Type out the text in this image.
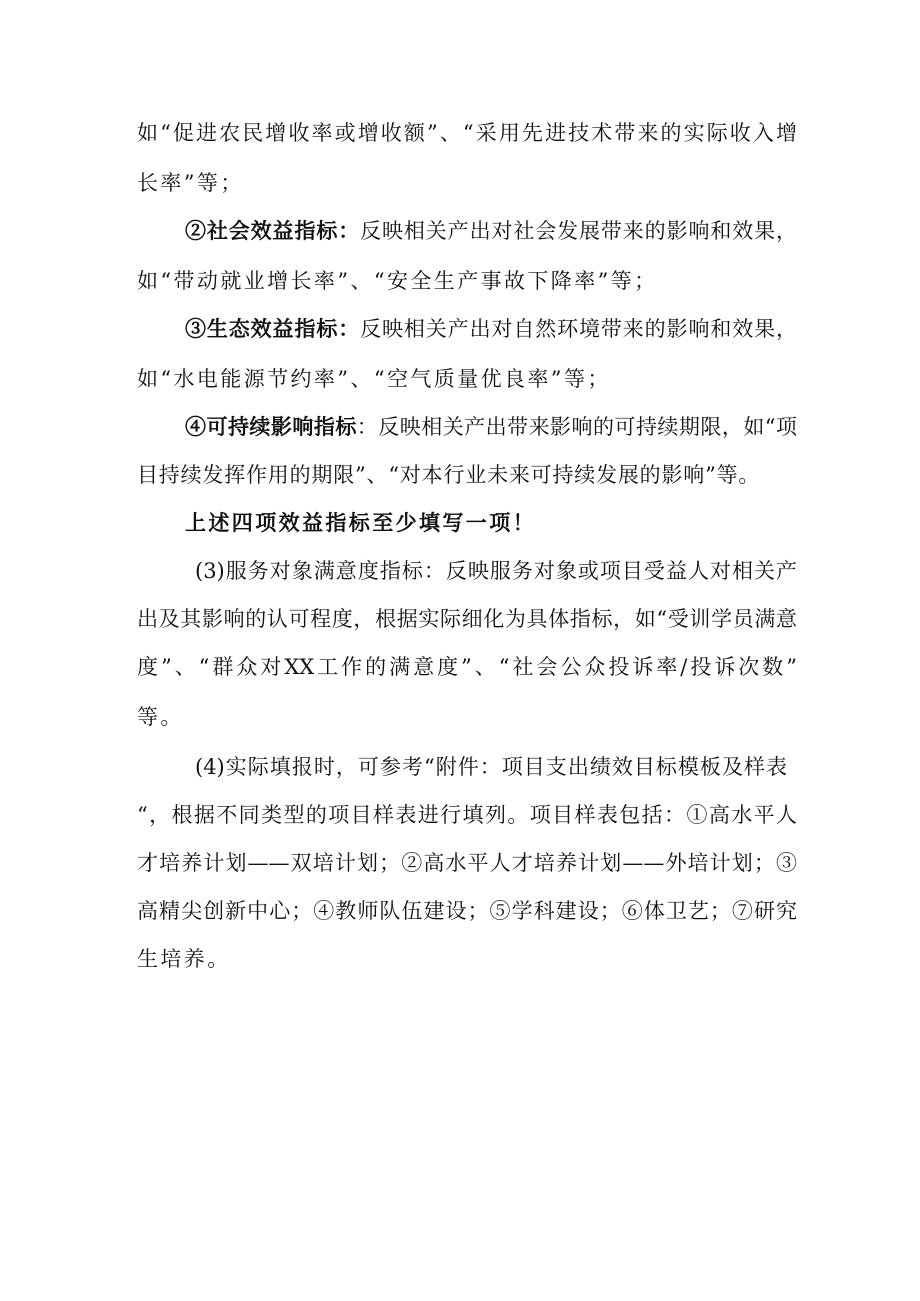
如“促进农民增收率或增收额”、“采用先进技术带来的实际收入增
长率”等；
②社会效益指标：反映相关产出对社会发展带来的影响和效果，
如“带动就业增长率”、“安全生产事故下降率”等；
③生态效益指标：反映相关产出对自然环境带来的影响和效果，
如“水电能源节约率”、“空气质量优良率”等；
④可持续影响指标：反映相关产出带来影响的可持续期限，如“项
目持续发挥作用的期限”、“对本行业未来可持续发展的影响”等。
上述四项效益指标至少填写一项！
(3)服务对象满意度指标：反映服务对象或项目受益人对相关产
出及其影响的认可程度，根据实际细化为具体指标，如“受训学员满意
度”、“群众对XX工作的满意度”、“社会公众投诉率/投诉次数”
等。
(4)实际填报时，可参考“附件：项目支出绩效目标模板及样表
“，根据不同类型的项目样表进行填列。项目样表包括：①高水平人
才培养计划——双培计划；②高水平人才培养计划——外培计划；③
高精尖创新中心；④教师队伍建设；⑤学科建设；⑥体卫艺；⑦研究
生培养。
